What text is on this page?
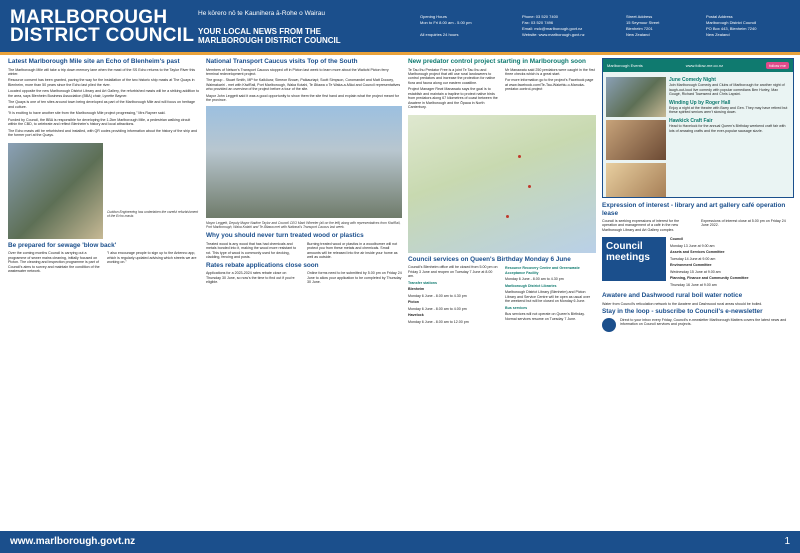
MARLBOROUGH
DISTRICT COUNCIL
He kōrero nō te Kaunihera ā-Rohe o Wairau
YOUR LOCAL NEWS FROM THE
MARLBOROUGH DISTRICT COUNCIL
Opening Hours
Mon to Fri 8.00 am - 5.00 pm

All enquiries 24 hours
Phone: 03 520 7400
Fax: 03 520 7496
Email: mdc@marlborough.govt.nz
Website: www.marlborough.govt.nz
Street Address
15 Seymour Street
Blenheim 7201
New Zealand
Postal Address
Marlborough District Council
PO Box 443, Blenheim 7240
New Zealand
Latest Marlborough Mile site an Echo of Blenheim's past

The Marlborough Mile will take a trip down memory lane when the mast of the SS Echo returns to the Taylor River this winter.

Resource consent has been granted, paving the way for the installation of the two historic ship masts at The Quays in Blenheim, more than 50 years since the Echo last plied the river.

Located opposite the new Marlborough District Library and Art Gallery, the refurbished masts will be a striking addition to the area, says Blenheim Business Association (BBA) chair, Lynette Bayner.

The Quays is one of ten sites around town being developed as part of the Marlborough Mile and will focus on heritage and culture.

"It is exciting to have another site from the Marlborough Mile project progressing," Mrs Rayner said.

Funded by Council, the BBA is responsible for developing the 1.2km Marlborough Mile, a pedestrian walking circuit within the CBD, to celebrate and reflect Blenheim's history and local attractions.

The Echo masts will be refurbished and installed, with QR codes providing information about the history of the ship and the former port at the Quays.

Cuddon Engineering has undertaken the careful refurbishment of the Echo masts
Be prepared for sewage 'blow back'

Over the coming months Council is carrying out a programme of sewer mains cleaning, initially focused on Picton. The cleaning and inspection programme is part of Council's aims to survey and maintain the condition of the wastewater network.

"I also encourage people to sign up to the Antenno app, which is regularly updated advising which streets we are working on."

National Transport Caucus visits Top of the South

Members of Nelson's Transport Caucus stopped off in Picton last week to learn more about the Waitohi Picton ferry terminal redevelopment project.

The group - Stuart Smith, MP for Kaikōura; Simeon Brown, Paikauriapi; Scott Simpson, Coromandel and Matt Doocey, Waimakariri - met with KiwiRail, Port Marlborough, Waka Kotahi, Te Ātiawa o Te Waka-a-Māui and Council representatives who provided an overview of the project before a tour of the site.

Mayor John Leggett said it was a good opportunity to show them the site first hand and explain what the project meant for the province.

Mayor Leggett, Deputy Mayor Nadine Taylor and Council CEO Mark Wheeler (all on the left) along with representatives from KiwiRail, Port Marlborough, Waka Kotahi and Te Ātiawa met with National's Transport Caucus last week.
Why you should never turn treated wood or plastics

Treated wood is any wood that has had chemicals and metals bonded into it, making the wood more resistant to rot. This type of wood is commonly used for decking, cladding, fencing and posts.

Burning treated wood or plastics in a woodburner will not protect you from these metals and chemicals. Small amounts will be released into the air inside your home as well as outside.

Rates rebate applications close soon

Applications for a 2023-2024 rates rebate close on Thursday 30 June, so now's the time to find out if you're eligible.

Online forms need to be submitted by 5.00 pm on Friday 24 June to allow your application to be completed by Thursday 30 June.

New predator control project starting in Marlborough soon

Te Tau Ihu Predator Free is a joint Te Tau Ihu and Marlborough project that will use rural landowners to control predators and increase the protection for native flora and fauna along our eastern coastline.

Project Manager Rewi Manawatu says the goal is to establish and maintain a trapline to protect native birds from predators along 67 kilometres of coast between the Awatere in Marlborough and the Ōpaoa in North Canterbury.

Mr Manawatu said 250 predators were caught in the first three checks which is a great start.

For more information go to the project's Facebook page at www.facebook.com/Te-Tau-Waiwhiu-o-Manuka-predator-control-project

Council services on Queen's Birthday Monday 6 June

Council's Blenheim office will be closed from 5.00 pm on Friday 3 June and reopen on Tuesday 7 June at 8.00 am.

Transfer stations

Blenheim

Monday 6 June - 8.00 am to 4.30 pm

Picton

Monday 6 June - 8.00 am to 4.00 pm

Havelock

Monday 6 June - 8.00 am to 12.00 pm

Resource Recovery Centre and Greenwaste Acceptance Facility

Monday 6 June - 8.00 am to 4.30 pm

Marlborough District Libraries

Marlborough District Library (Blenheim) and Picton Library and Service Centre will be open as usual over the weekend but will be closed on Monday 6 June.

Bus services

Bus services will not operate on Queen's Birthday. Normal services resume on Tuesday 7 June.

Marlborough Events	www.follow-me.co.nz	follow me
June Comedy Night

Join Marlborough Comedy and Clubs of Marlborough for another night of laugh-out-loud live comedy with popular comedians Ben Hurley, Max Gougé, Richard Townsend and Chris Lapsini.

Winding Up by Roger Hall

Enjoy a night at the theatre with Barry and Gen. They may have retired but these spirited seniors aren't slowing down.

Hawkick Craft Fair

Head to Havelock for the annual Queen's Birthday weekend craft fair with lots of amazing crafts and the ever-popular sausage sizzle.

Expression of interest - library and art gallery café operation lease

Council is seeking expressions of interest for the operation and management of a café in the new Marlborough Library and Art Gallery complex.

Expressions of interest close at 5.00 pm on Friday 24 June 2022.

Council
meetings

Council

Monday 13 June at 9.00 am

Assets and Services Committee

Tuesday 14 June at 9.00 am

Environment Committee

Wednesday 15 June at 9.00 am

Planning, Finance and Community Committee

Thursday 16 June at 9.00 am

Awatere and Dashwood rural boil water notice

Water from Council's reticulation network to the Awatere and Dashwood rural areas should be boiled.

Stay in the loop - subscribe to Council's e-newsletter

Direct to your inbox every Friday, Council's e-newsletter Marlborough Matters covers the latest news and information on Council services and projects.

www.marlborough.govt.nz	1
